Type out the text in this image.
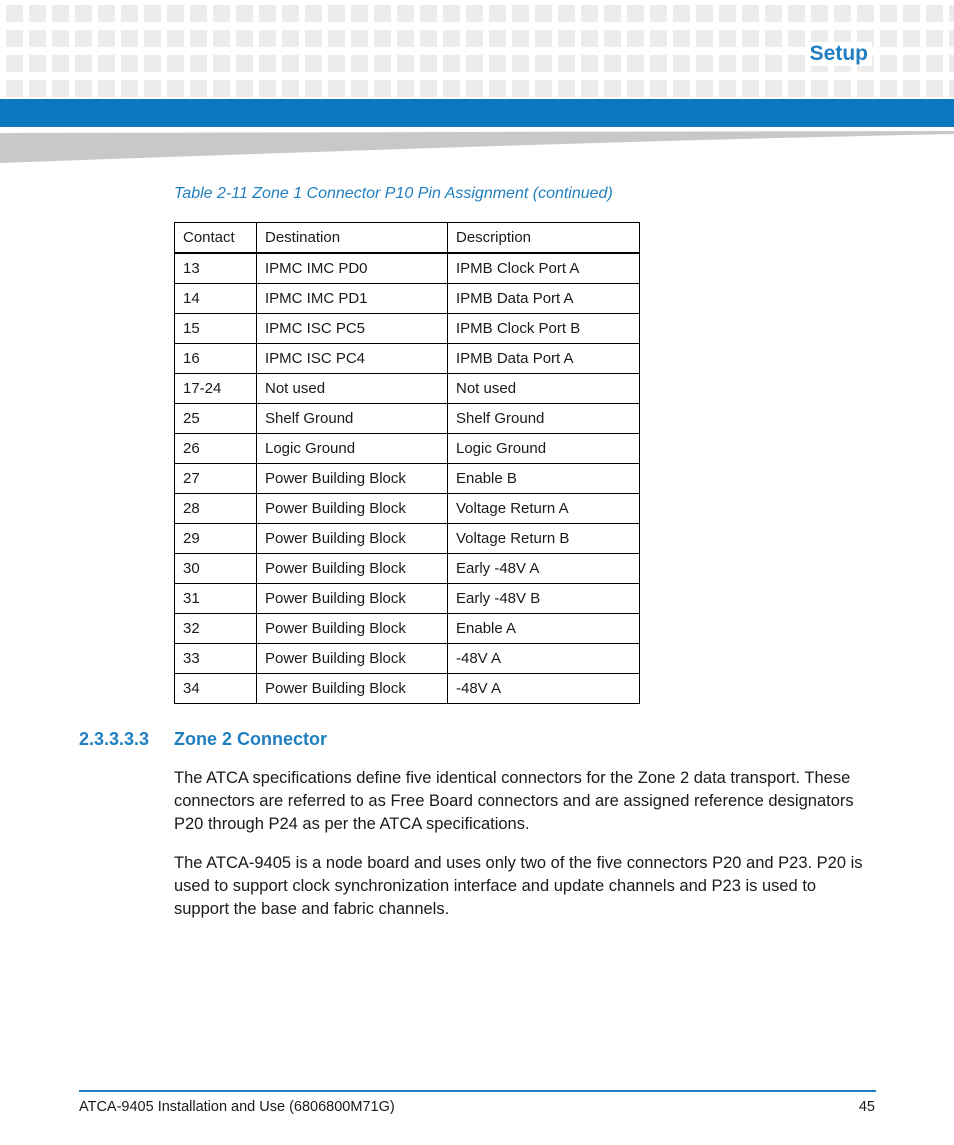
Setup
Table 2-11 Zone 1 Connector P10 Pin Assignment (continued)
Contact	Destination	Description
13	IPMC IMC PD0	IPMB Clock Port A
14	IPMC IMC PD1	IPMB Data Port A
15	IPMC ISC PC5	IPMB Clock Port B
16	IPMC ISC PC4	IPMB Data Port A
17-24	Not used	Not used
25	Shelf Ground	Shelf Ground
26	Logic Ground	Logic Ground
27	Power Building Block	Enable B
28	Power Building Block	Voltage Return A
29	Power Building Block	Voltage Return B
30	Power Building Block	Early -48V A
31	Power Building Block	Early -48V B
32	Power Building Block	Enable A
33	Power Building Block	-48V A
34	Power Building Block	-48V A
2.3.3.3.3 Zone 2 Connector

The ATCA specifications define five identical connectors for the Zone 2 data transport. These connectors are referred to as Free Board connectors and are assigned reference designators P20 through P24 as per the ATCA specifications.

The ATCA-9405 is a node board and uses only two of the five connectors P20 and P23. P20 is used to support clock synchronization interface and update channels and P23 is used to support the base and fabric channels.

ATCA-9405 Installation and Use (6806800M71G)	45
